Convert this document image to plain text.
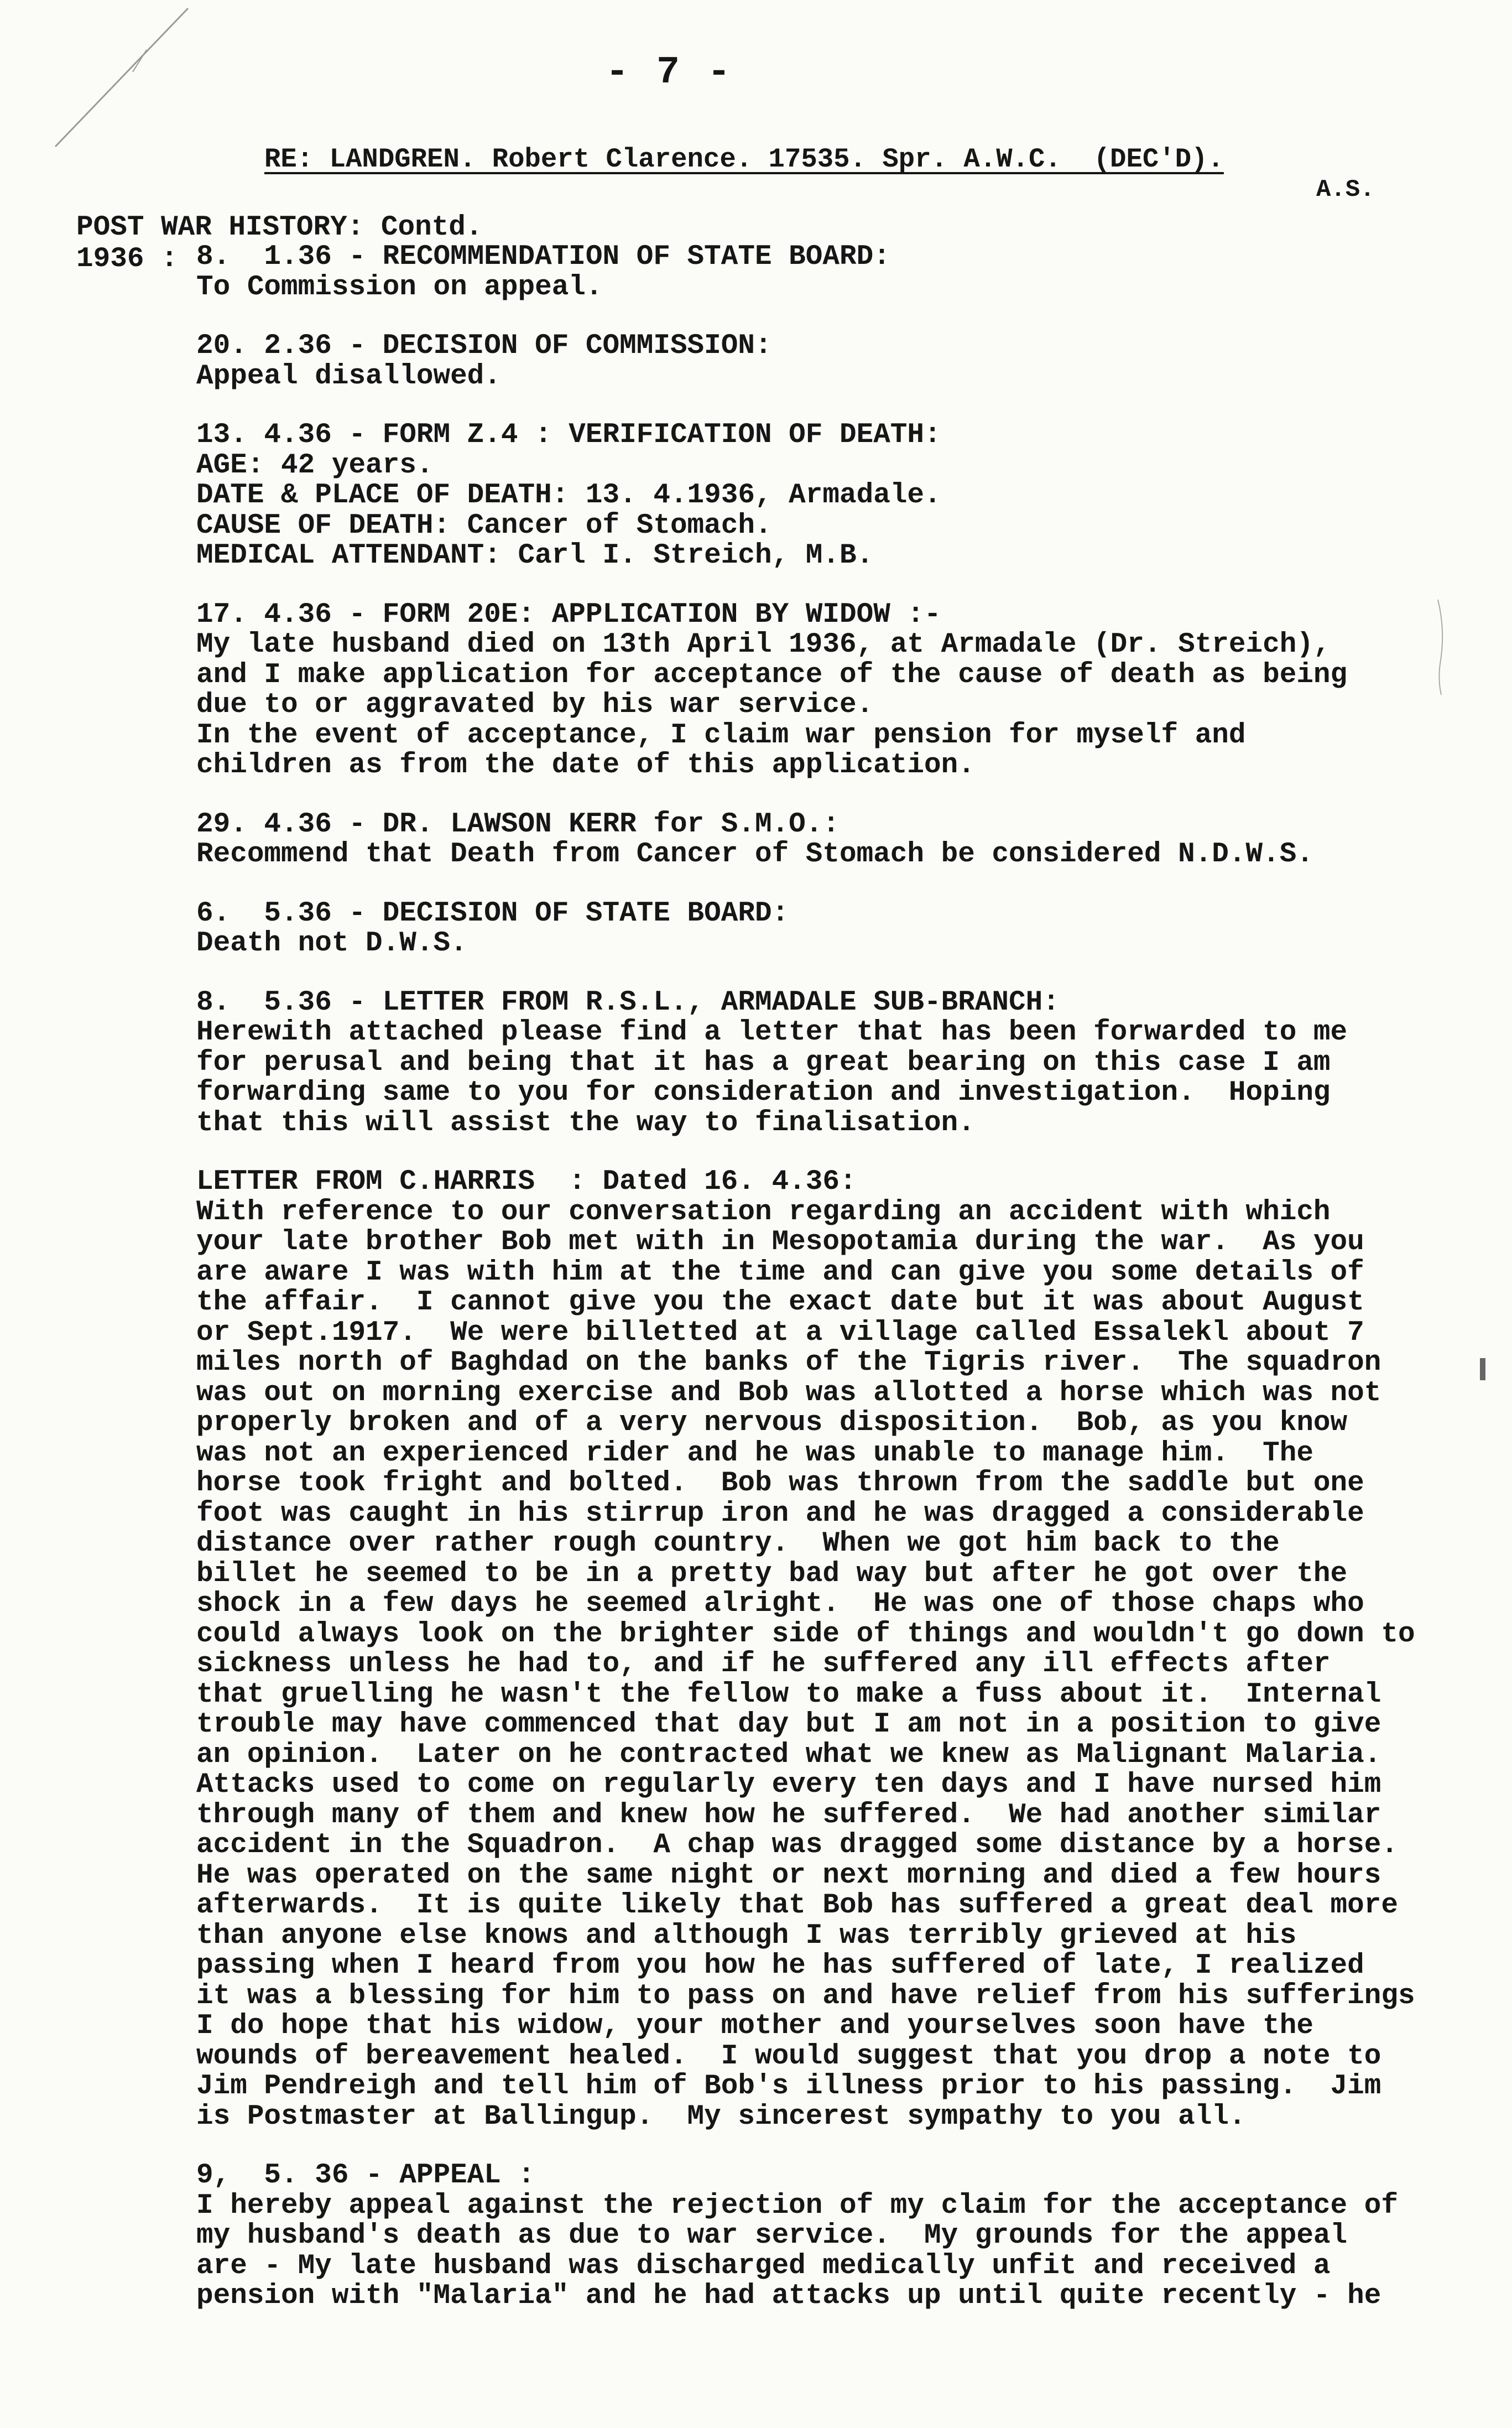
- 7 -
RE: LANDGREN. Robert Clarence. 17535. Spr. A.W.C.  (DEC'D).
A.S.
POST WAR HISTORY: Contd.
1936 : 8.  1.36 - RECOMMENDATION OF STATE BOARD:
To Commission on appeal.
20. 2.36 - DECISION OF COMMISSION:
Appeal disallowed.
13. 4.36 - FORM Z.4 : VERIFICATION OF DEATH:
AGE: 42 years.
DATE & PLACE OF DEATH: 13. 4.1936, Armadale.
CAUSE OF DEATH: Cancer of Stomach.
MEDICAL ATTENDANT: Carl I. Streich, M.B.
17. 4.36 - FORM 20E: APPLICATION BY WIDOW :-
My late husband died on 13th April 1936, at Armadale (Dr. Streich),
and I make application for acceptance of the cause of death as being
due to or aggravated by his war service.
In the event of acceptance, I claim war pension for myself and
children as from the date of this application.
29. 4.36 - DR. LAWSON KERR for S.M.O.:
Recommend that Death from Cancer of Stomach be considered N.D.W.S.
6.  5.36 - DECISION OF STATE BOARD:
Death not D.W.S.
8.  5.36 - LETTER FROM R.S.L., ARMADALE SUB-BRANCH:
Herewith attached please find a letter that has been forwarded to me
for perusal and being that it has a great bearing on this case I am
forwarding same to you for consideration and investigation.  Hoping
that this will assist the way to finalisation.
LETTER FROM C.HARRIS  : Dated 16. 4.36:
With reference to our conversation regarding an accident with which
your late brother Bob met with in Mesopotamia during the war.  As you
are aware I was with him at the time and can give you some details of
the affair.  I cannot give you the exact date but it was about August
or Sept.1917.  We were billetted at a village called Essalekl about 7
miles north of Baghdad on the banks of the Tigris river.  The squadron
was out on morning exercise and Bob was allotted a horse which was not
properly broken and of a very nervous disposition.  Bob, as you know
was not an experienced rider and he was unable to manage him.  The
horse took fright and bolted.  Bob was thrown from the saddle but one
foot was caught in his stirrup iron and he was dragged a considerable
distance over rather rough country.  When we got him back to the
billet he seemed to be in a pretty bad way but after he got over the
shock in a few days he seemed alright.  He was one of those chaps who
could always look on the brighter side of things and wouldn't go down to
sickness unless he had to, and if he suffered any ill effects after
that gruelling he wasn't the fellow to make a fuss about it.  Internal
trouble may have commenced that day but I am not in a position to give
an opinion.  Later on he contracted what we knew as Malignant Malaria.
Attacks used to come on regularly every ten days and I have nursed him
through many of them and knew how he suffered.  We had another similar
accident in the Squadron.  A chap was dragged some distance by a horse.
He was operated on the same night or next morning and died a few hours
afterwards.  It is quite likely that Bob has suffered a great deal more
than anyone else knows and although I was terribly grieved at his
passing when I heard from you how he has suffered of late, I realized
it was a blessing for him to pass on and have relief from his sufferings
I do hope that his widow, your mother and yourselves soon have the
wounds of bereavement healed.  I would suggest that you drop a note to
Jim Pendreigh and tell him of Bob's illness prior to his passing.  Jim
is Postmaster at Ballingup.  My sincerest sympathy to you all.
9,  5. 36 - APPEAL :
I hereby appeal against the rejection of my claim for the acceptance of
my husband's death as due to war service.  My grounds for the appeal
are - My late husband was discharged medically unfit and received a
pension with "Malaria" and he had attacks up until quite recently - he
